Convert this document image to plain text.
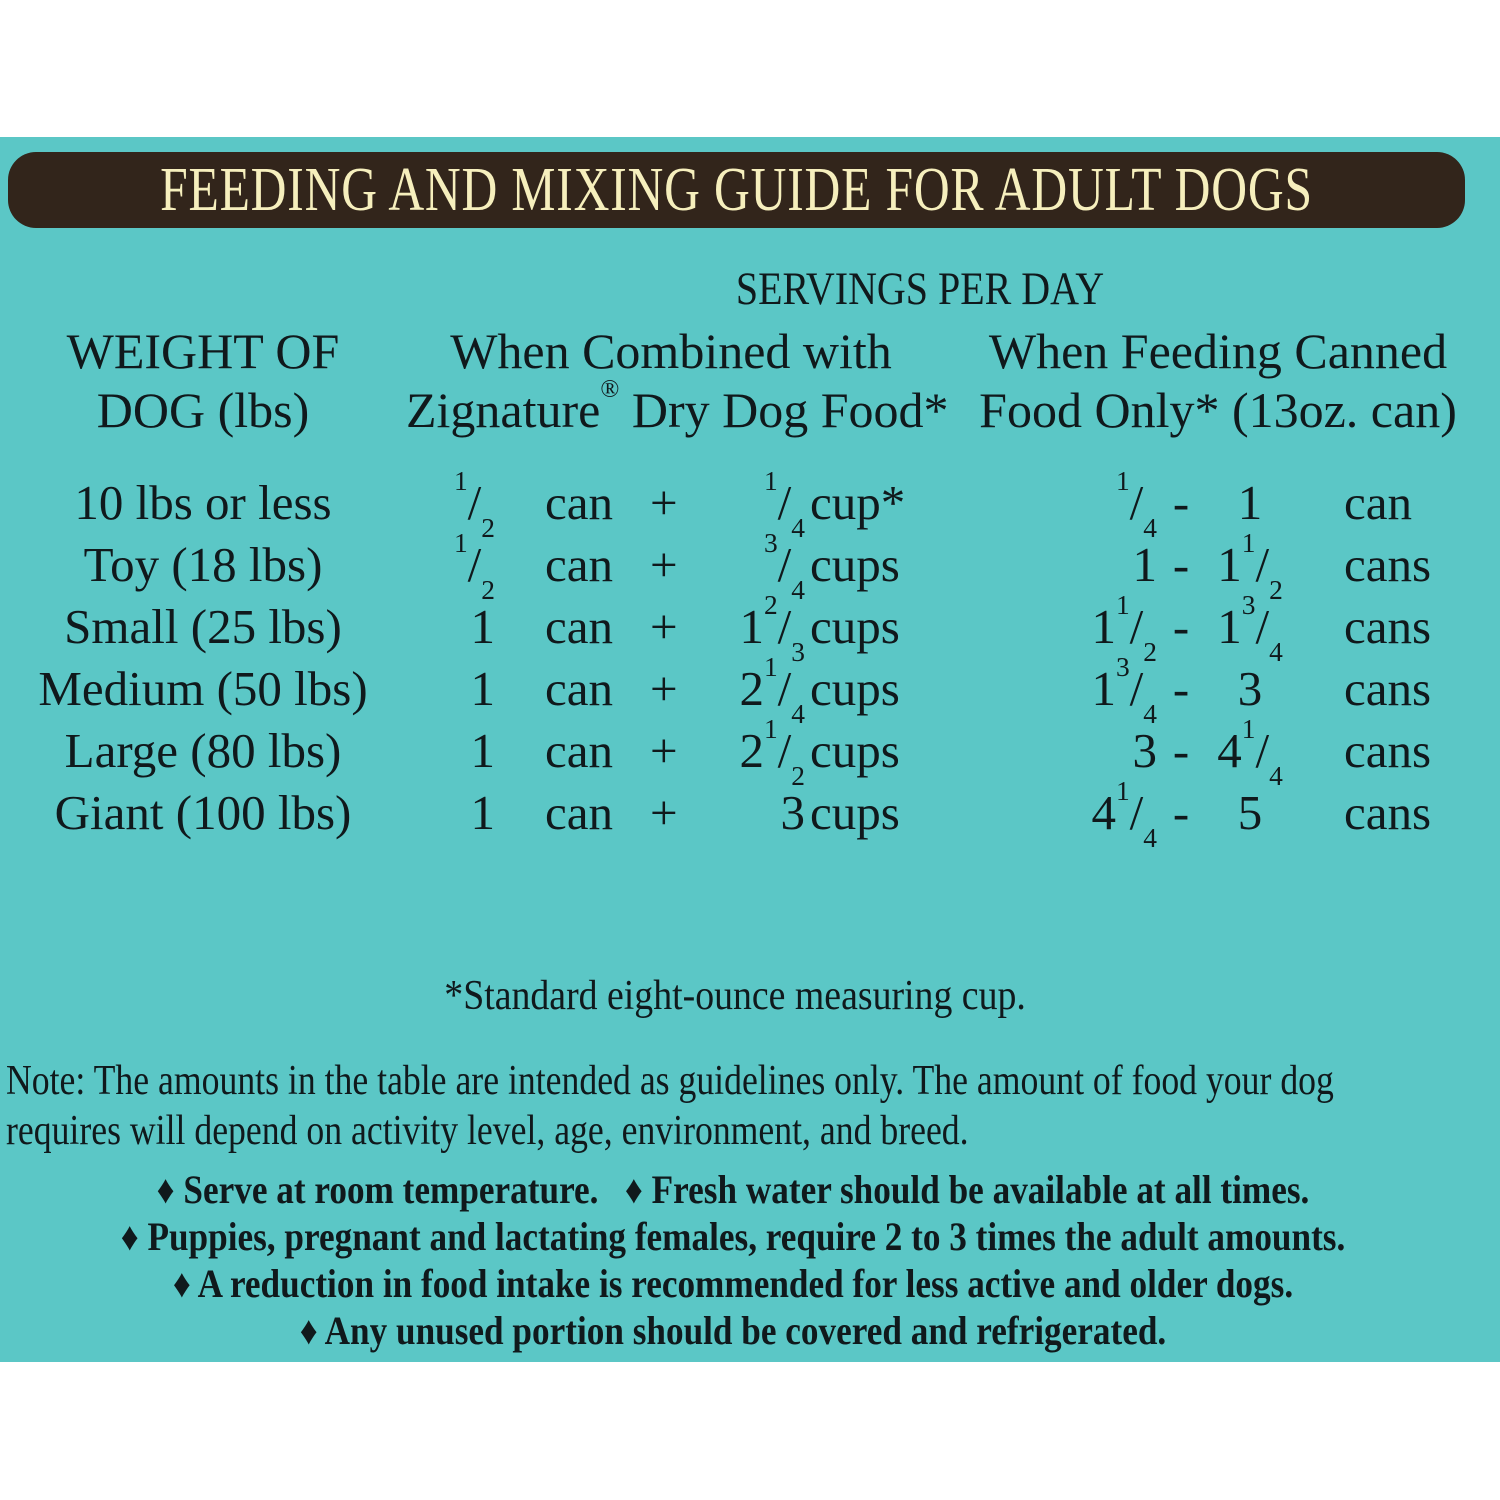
FEEDING AND MIXING GUIDE FOR ADULT DOGS
SERVINGS PER DAY
WEIGHT OF
DOG (lbs)
When Combined with
Zignature® Dry Dog Food*
When Feeding Canned
Food Only* (13oz. can)
10 lbs or less	$^1/_2$	can +	$^1/_4$ cup*	$^1/_4 - 1$	can
Toy (18 lbs)	$^1/_2$	can +	$^3/_4$ cups	$1 - 1^1/_2$	cans
Small (25 lbs)	1	can +	$1^2/_3$ cups	$1^1/_2 - 1^3/_4$	cans
Medium (50 lbs)	1	can +	$2^1/_4$ cups	$1^3/_4 - 3$	cans
Large (80 lbs)	1	can +	$2^1/_2$ cups	$3 - 4^1/_4$	cans
Giant (100 lbs)	1	can +	3 cups	$4^1/_4 - 5$	cans
*Standard eight-ounce measuring cup.
Note: The amounts in the table are intended as guidelines only. The amount of food your dog
requires will depend on activity level, age, environment, and breed.
♦ Serve at room temperature.   ♦ Fresh water should be available at all times.
♦ Puppies, pregnant and lactating females, require 2 to 3 times the adult amounts.
♦ A reduction in food intake is recommended for less active and older dogs.
♦ Any unused portion should be covered and refrigerated.
